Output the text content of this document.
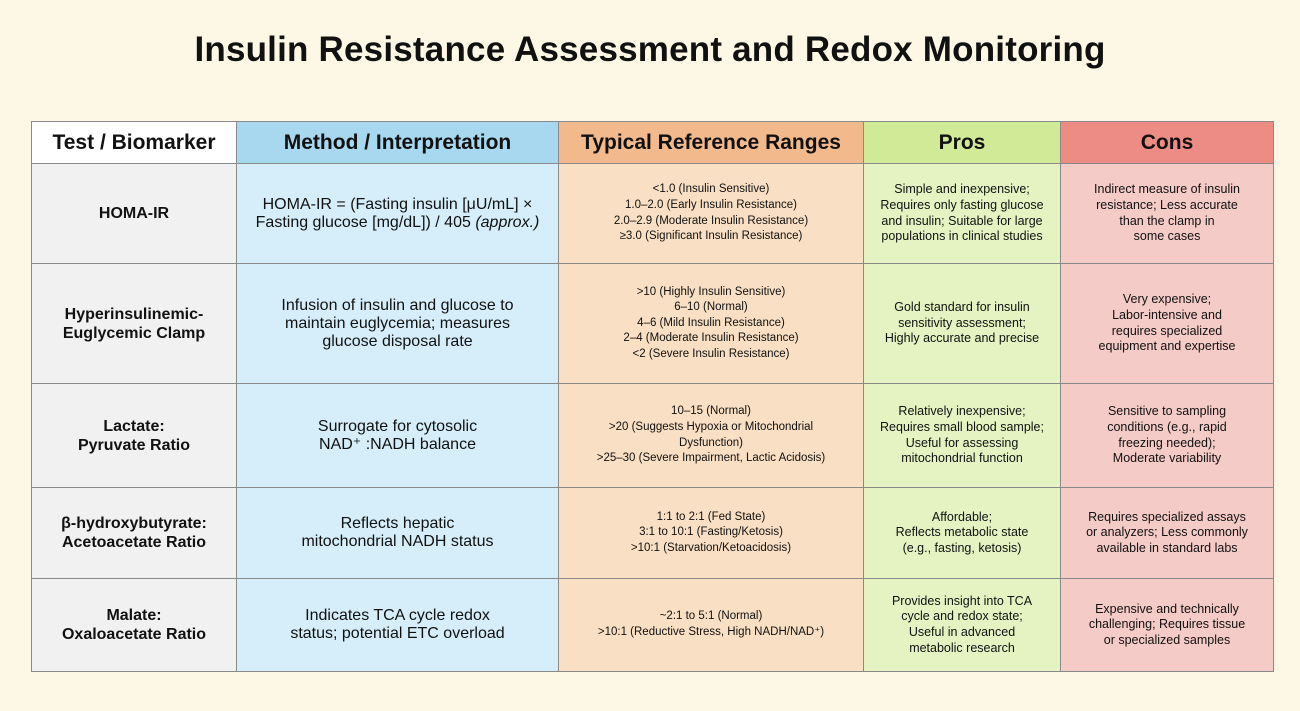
Insulin Resistance Assessment and Redox Monitoring
Test / Biomarker	Method / Interpretation	Typical Reference Ranges	Pros	Cons

HOMA-IR	HOMA-IR = (Fasting insulin [μU/mL] ×
Fasting glucose [mg/dL]) / 405 (approx.)	<1.0 (Insulin Sensitive)
1.0–2.0 (Early Insulin Resistance)
2.0–2.9 (Moderate Insulin Resistance)
≥3.0 (Significant Insulin Resistance)	Simple and inexpensive;
Requires only fasting glucose
and insulin; Suitable for large
populations in clinical studies	Indirect measure of insulin
resistance; Less accurate
than the clamp in
some cases

Hyperinsulinemic-
Euglycemic Clamp	Infusion of insulin and glucose to
maintain euglycemia; measures
glucose disposal rate	>10 (Highly Insulin Sensitive)
6–10 (Normal)
4–6 (Mild Insulin Resistance)
2–4 (Moderate Insulin Resistance)
<2 (Severe Insulin Resistance)	Gold standard for insulin
sensitivity assessment;
Highly accurate and precise	Very expensive;
Labor-intensive and
requires specialized
equipment and expertise

Lactate:
Pyruvate Ratio	Surrogate for cytosolic
NAD⁺ :NADH balance	10–15 (Normal)
>20 (Suggests Hypoxia or Mitochondrial
Dysfunction)
>25–30 (Severe Impairment, Lactic Acidosis)	Relatively inexpensive;
Requires small blood sample;
Useful for assessing
mitochondrial function	Sensitive to sampling
conditions (e.g., rapid
freezing needed);
Moderate variability

β-hydroxybutyrate:
Acetoacetate Ratio	Reflects hepatic
mitochondrial NADH status	1:1 to 2:1 (Fed State)
3:1 to 10:1 (Fasting/Ketosis)
>10:1 (Starvation/Ketoacidosis)	Affordable;
Reflects metabolic state
(e.g., fasting, ketosis)	Requires specialized assays
or analyzers; Less commonly
available in standard labs

Malate:
Oxaloacetate Ratio	Indicates TCA cycle redox
status; potential ETC overload	~2:1 to 5:1 (Normal)
>10:1 (Reductive Stress, High NADH/NAD⁺)	Provides insight into TCA
cycle and redox state;
Useful in advanced
metabolic research	Expensive and technically
challenging; Requires tissue
or specialized samples
